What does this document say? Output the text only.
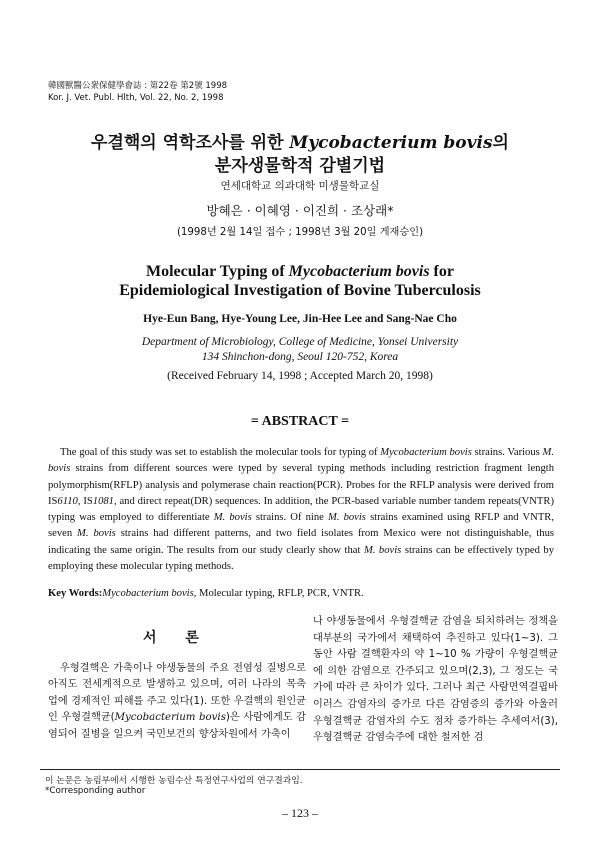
韓國獸醫公衆保健學會誌 : 第22卷 第2號 1998
Kor. J. Vet. Publ. Hlth, Vol. 22, No. 2, 1998
우결핵의 역학조사를 위한 Mycobacterium bovis의
분자생물학적 감별기법
연세대학교 의과대학 미생물학교실
방혜은 · 이혜영 · 이진희 · 조상래*
(1998년 2월 14일 접수 ; 1998년 3월 20일 게재승인)
Molecular Typing of Mycobacterium bovis for
Epidemiological Investigation of Bovine Tuberculosis
Hye-Eun Bang, Hye-Young Lee, Jin-Hee Lee and Sang-Nae Cho
Department of Microbiology, College of Medicine, Yonsei University
134 Shinchon-dong, Seoul 120-752, Korea
(Received February 14, 1998 ; Accepted March 20, 1998)
= ABSTRACT =
The goal of this study was set to establish the molecular tools for typing of Mycobacterium bovis strains. Various M. bovis strains from different sources were typed by several typing methods including restriction fragment length polymorphism(RFLP) analysis and polymerase chain reaction(PCR). Probes for the RFLP analysis were derived from IS6110, IS1081, and direct repeat(DR) sequences. In addition, the PCR-based variable number tandem repeats(VNTR) typing was employed to differentiate M. bovis strains. Of nine M. bovis strains examined using RFLP and VNTR, seven M. bovis strains had different patterns, and two field isolates from Mexico were not distinguishable, thus indicating the same origin. The results from our study clearly show that M. bovis strains can be effectively typed by employing these molecular typing methods.
Key Words:Mycobacterium bovis, Molecular typing, RFLP, PCR, VNTR.
서 론
우형결핵은 가축이나 야생동물의 주요 전염성 질병으로 아직도 전세계적으로 발생하고 있으며, 여러 나라의 목축업에 경제적인 피해를 주고 있다(1). 또한 우결핵의 원인균인 우형결핵균(Mycobacterium bovis)은 사람에게도 감염되어 질병을 일으켜 국민보건의 향상차원에서 가축이
나 야생동물에서 우형결핵균 감염을 퇴치하려는 정책을 대부분의 국가에서 채택하여 추진하고 있다(1~3). 그동안 사람 결핵환자의 약 1~10 % 가량이 우형결핵균에 의한 감염으로 간주되고 있으며(2,3), 그 정도는 국가에 따라 큰 차이가 있다. 그러나 최근 사람면역결핍바이러스 감염자의 증가로 다른 감염증의 증가와 아울러 우형결핵균 감염자의 수도 점차 증가하는 추세여서(3), 우형결핵균 감염숙주에 대한 철저한 검
이 논문은 농림부에서 시행한 농림수산 특정연구사업의 연구결과임.
*Corresponding author
– 123 –
